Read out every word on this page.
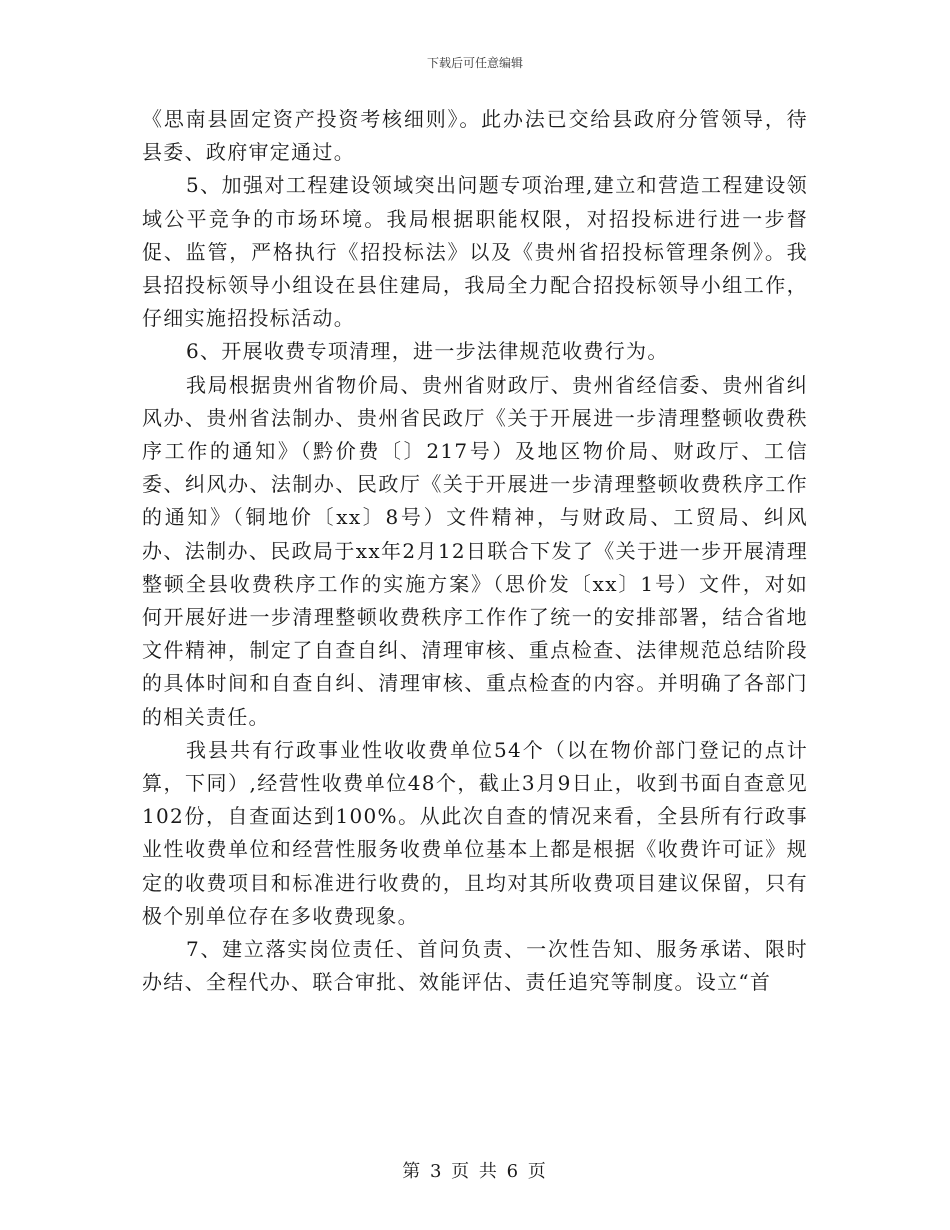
下载后可任意编辑

《思南县固定资产投资考核细则》。此办法已交给县政府分管领导，待县委、政府审定通过。

5、加强对工程建设领域突出问题专项治理,建立和营造工程建设领域公平竞争的市场环境。我局根据职能权限，对招投标进行进一步督促、监管，严格执行《招投标法》以及《贵州省招投标管理条例》。我县招投标领导小组设在县住建局，我局全力配合招投标领导小组工作，仔细实施招投标活动。

6、开展收费专项清理，进一步法律规范收费行为。

我局根据贵州省物价局、贵州省财政厅、贵州省经信委、贵州省纠风办、贵州省法制办、贵州省民政厅《关于开展进一步清理整顿收费秩序工作的通知》（黔价费〔〕217号）及地区物价局、财政厅、工信委、纠风办、法制办、民政厅《关于开展进一步清理整顿收费秩序工作的通知》（铜地价〔xx〕8号）文件精神，与财政局、工贸局、纠风办、法制办、民政局于xx年2月12日联合下发了《关于进一步开展清理整顿全县收费秩序工作的实施方案》（思价发〔xx〕1号）文件，对如何开展好进一步清理整顿收费秩序工作作了统一的安排部署，结合省地文件精神，制定了自查自纠、清理审核、重点检查、法律规范总结阶段的具体时间和自查自纠、清理审核、重点检查的内容。并明确了各部门的相关责任。

我县共有行政事业性收收费单位54个（以在物价部门登记的点计算，下同）,经营性收费单位48个，截止3月9日止，收到书面自查意见102份，自查面达到100%。从此次自查的情况来看，全县所有行政事业性收费单位和经营性服务收费单位基本上都是根据《收费许可证》规定的收费项目和标准进行收费的，且均对其所收费项目建议保留，只有极个别单位存在多收费现象。

7、建立落实岗位责任、首问负责、一次性告知、服务承诺、限时办结、全程代办、联合审批、效能评估、责任追究等制度。设立“首

第 3 页 共 6 页
